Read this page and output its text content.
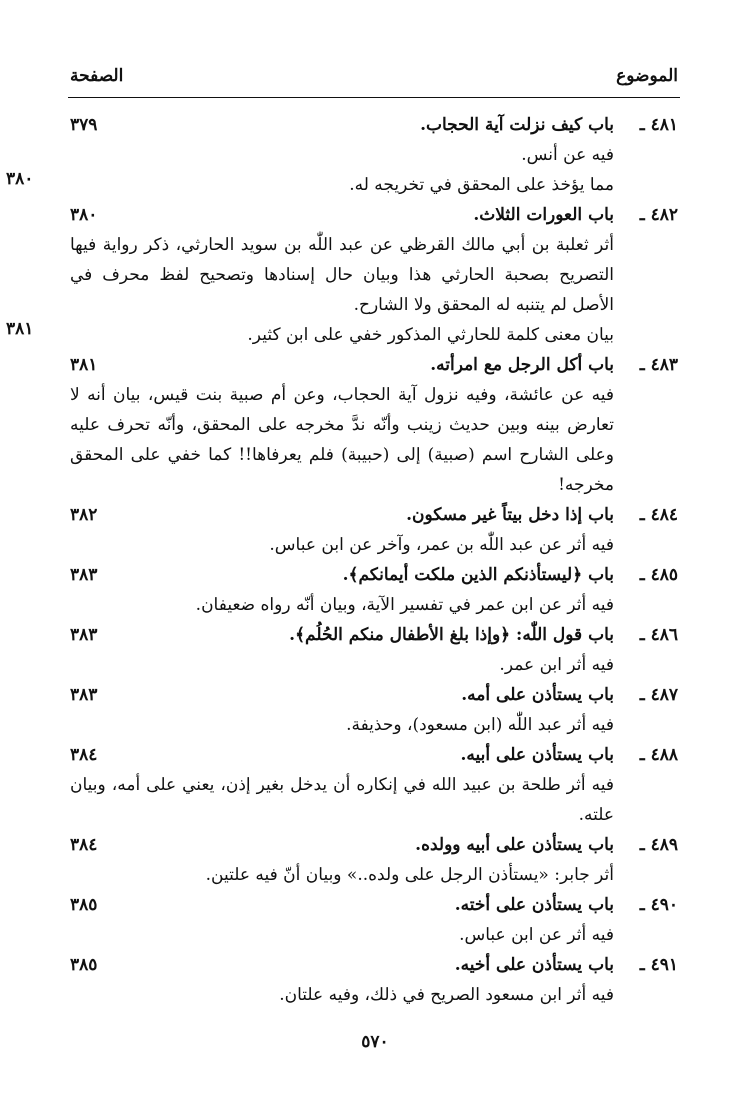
الموضوع
الصفحة
٤٨١ ـ
باب كيف نزلت آية الحجاب.
٣٧٩

فيه عن أنس.

مما يؤخذ على المحقق في تخريجه له.
٣٨٠

٤٨٢ ـ
باب العورات الثلاث.
٣٨٠

أثر ثعلبة بن أبي مالك القرظي عن عبد اللّٰه بن سويد الحارثي، ذكر رواية فيها التصريح بصحبة الحارثي هذا وبيان حال إسنادها وتصحيح لفظ محرف في الأصل لم يتنبه له المحقق ولا الشارح.

بيان معنى كلمة للحارثي المذكور خفي على ابن كثير.
٣٨١

٤٨٣ ـ
باب أكل الرجل مع امرأته.
٣٨١

فيه عن عائشة، وفيه نزول آية الحجاب، وعن أم صبية بنت قيس، بيان أنه لا تعارض بينه وبين حديث زينب وأنّه ندَّ مخرجه على المحقق، وأنّه تحرف عليه وعلى الشارح اسم (صبية) إلى (حبيبة) فلم يعرفاها!! كما خفي على المحقق مخرجه!

٤٨٤ ـ
باب إذا دخل بيتاً غير مسكون.
٣٨٢

فيه أثر عن عبد اللّٰه بن عمر، وآخر عن ابن عباس.

٤٨٥ ـ
باب ﴿ليستأذنكم الذين ملكت أيمانكم﴾.
٣٨٣

فيه أثر عن ابن عمر في تفسير الآية، وبيان أنّه رواه ضعيفان.

٤٨٦ ـ
باب قول اللّٰه: ﴿وإذا بلغ الأطفال منكم الحُلُم﴾.
٣٨٣

فيه أثر ابن عمر.

٤٨٧ ـ
باب يستأذن على أمه.
٣٨٣

فيه أثر عبد اللّٰه (ابن مسعود)، وحذيفة.

٤٨٨ ـ
باب يستأذن على أبيه.
٣٨٤

فيه أثر طلحة بن عبيد الله في إنكاره أن يدخل بغير إذن، يعني على أمه، وبيان علته.

٤٨٩ ـ
باب يستأذن على أبيه وولده.
٣٨٤

أثر جابر: «يستأذن الرجل على ولده..» وبيان أنّ فيه علتين.

٤٩٠ ـ
باب يستأذن على أخته.
٣٨٥

فيه أثر عن ابن عباس.

٤٩١ ـ
باب يستأذن على أخيه.
٣٨٥

فيه أثر ابن مسعود الصريح في ذلك، وفيه علتان.

٥٧٠
